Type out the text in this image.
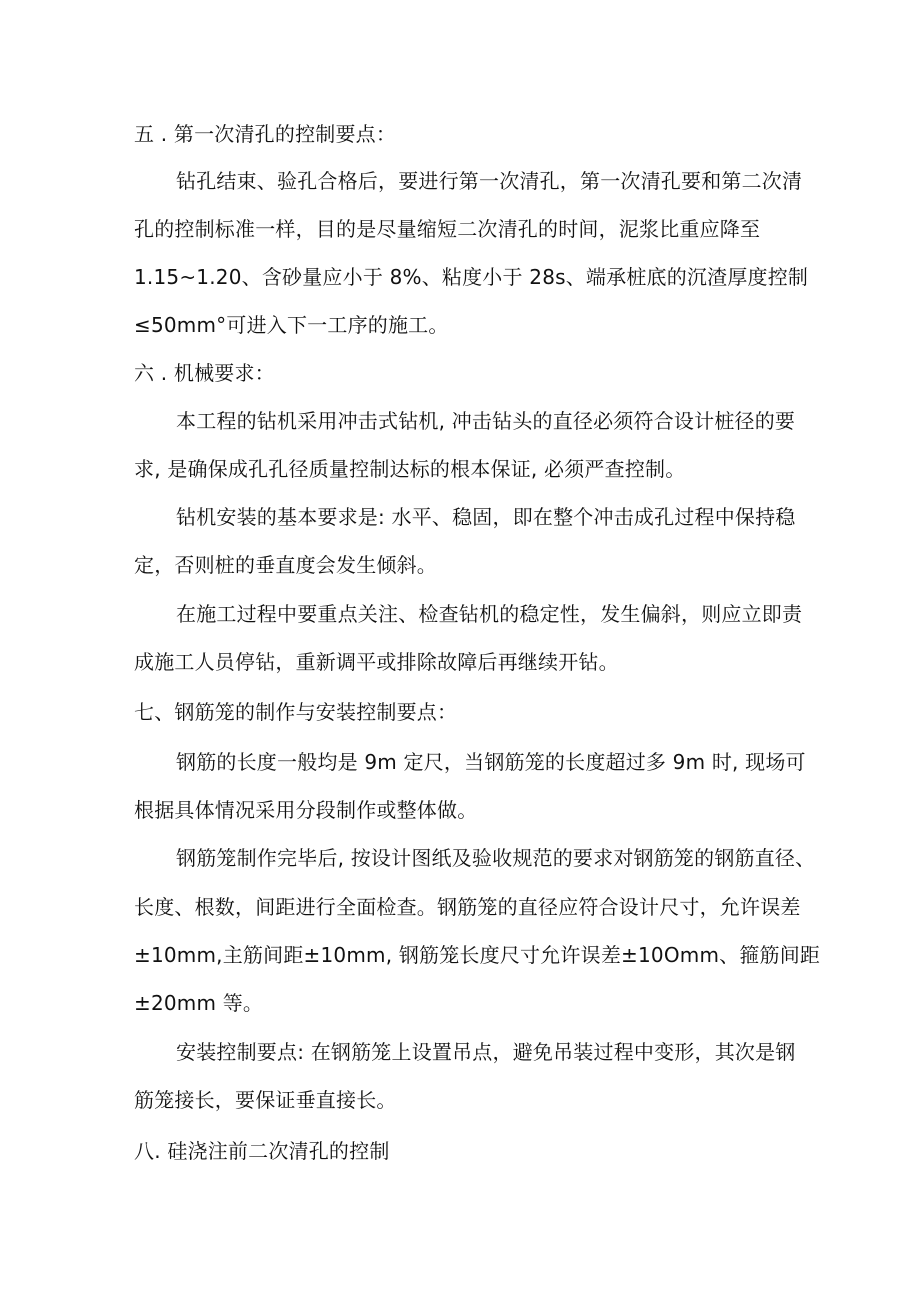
五 . 第一次清孔的控制要点：
钻孔结束、验孔合格后，要进行第一次清孔，第一次清孔要和第二次清
孔的控制标准一样，目的是尽量缩短二次清孔的时间，泥浆比重应降至
1.15~1.20、含砂量应小于 8%、粘度小于 28s、端承桩底的沉渣厚度控制
≤50mm°可进入下一工序的施工。
六 . 机械要求：
本工程的钻机采用冲击式钻机, 冲击钻头的直径必须符合设计桩径的要
求, 是确保成孔孔径质量控制达标的根本保证, 必须严查控制。
钻机安装的基本要求是: 水平、稳固，即在整个冲击成孔过程中保持稳
定，否则桩的垂直度会发生倾斜。
在施工过程中要重点关注、检查钻机的稳定性，发生偏斜，则应立即责
成施工人员停钻，重新调平或排除故障后再继续开钻。
七、钢筋笼的制作与安装控制要点：
钢筋的长度一般均是 9m 定尺，当钢筋笼的长度超过多 9m 时, 现场可
根据具体情况采用分段制作或整体做。
钢筋笼制作完毕后, 按设计图纸及验收规范的要求对钢筋笼的钢筋直径、
长度、根数，间距进行全面检查。钢筋笼的直径应符合设计尺寸，允许误差
±10mm,主筋间距±10mm, 钢筋笼长度尺寸允许误差±10Omm、箍筋间距
±20mm 等。
安装控制要点: 在钢筋笼上设置吊点，避免吊装过程中变形，其次是钢
筋笼接长，要保证垂直接长。
八. 硅浇注前二次清孔的控制
